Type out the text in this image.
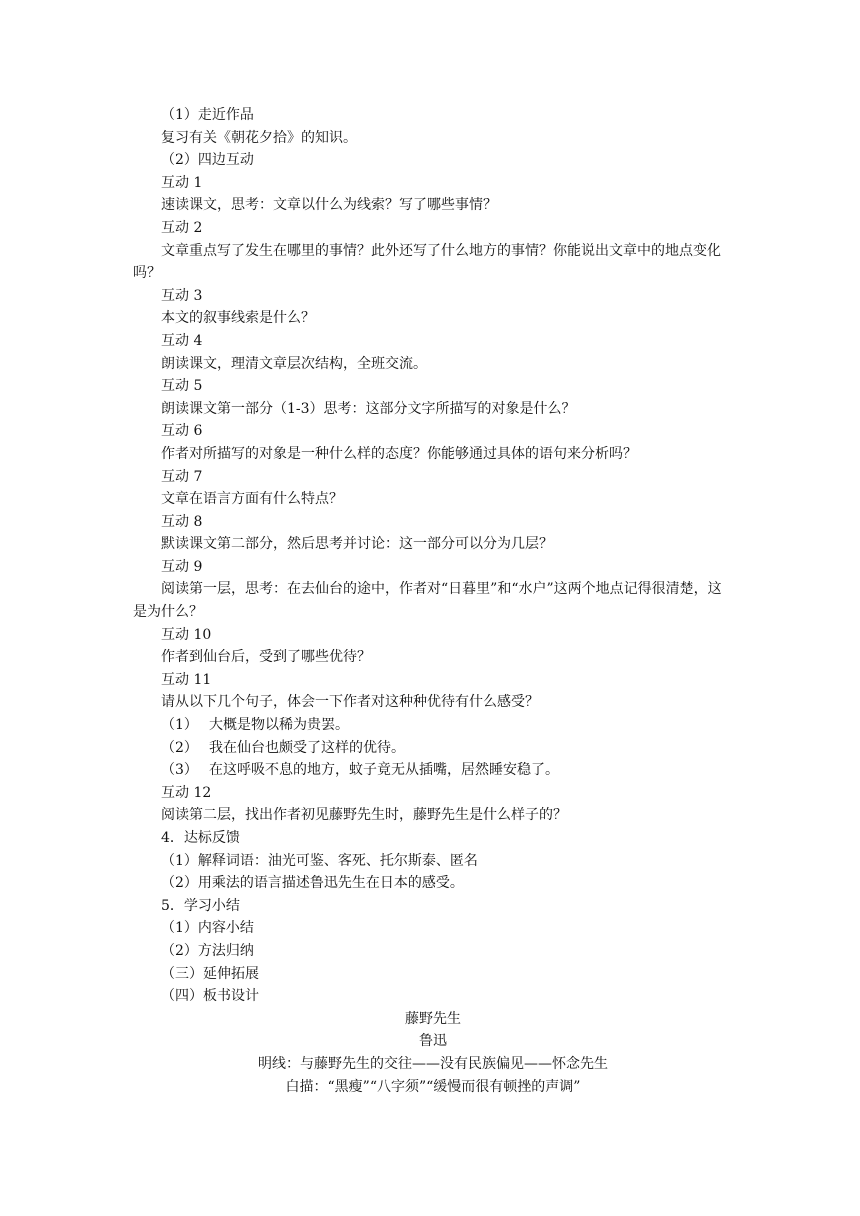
（1）走近作品

复习有关《朝花夕拾》的知识。

（2）四边互动

互动 1

速读课文，思考：文章以什么为线索？写了哪些事情？

互动 2

文章重点写了发生在哪里的事情？此外还写了什么地方的事情？你能说出文章中的地点变化吗？

互动 3

本文的叙事线索是什么？

互动 4

朗读课文，理清文章层次结构，全班交流。

互动 5

朗读课文第一部分（1-3）思考：这部分文字所描写的对象是什么？

互动 6

作者对所描写的对象是一种什么样的态度？你能够通过具体的语句来分析吗？

互动 7

文章在语言方面有什么特点？

互动 8

默读课文第二部分，然后思考并讨论：这一部分可以分为几层？

互动 9

阅读第一层，思考：在去仙台的途中，作者对“日暮里”和“水户”这两个地点记得很清楚，这是为什么？

互动 10

作者到仙台后，受到了哪些优待？

互动 11

请从以下几个句子，体会一下作者对这种种优待有什么感受？

（1） 大概是物以稀为贵罢。

（2） 我在仙台也颇受了这样的优待。

（3） 在这呼吸不息的地方，蚊子竟无从插嘴，居然睡安稳了。

互动 12

阅读第二层，找出作者初见藤野先生时，藤野先生是什么样子的？

4．达标反馈

（1）解释词语：油光可鉴、客死、托尔斯泰、匿名

（2）用乘法的语言描述鲁迅先生在日本的感受。

5．学习小结

（1）内容小结

（2）方法归纳

（三）延伸拓展

（四）板书设计

藤野先生

鲁迅

明线：与藤野先生的交往——没有民族偏见——怀念先生

白描：“黑瘦”“八字须”“缓慢而很有顿挫的声调”
